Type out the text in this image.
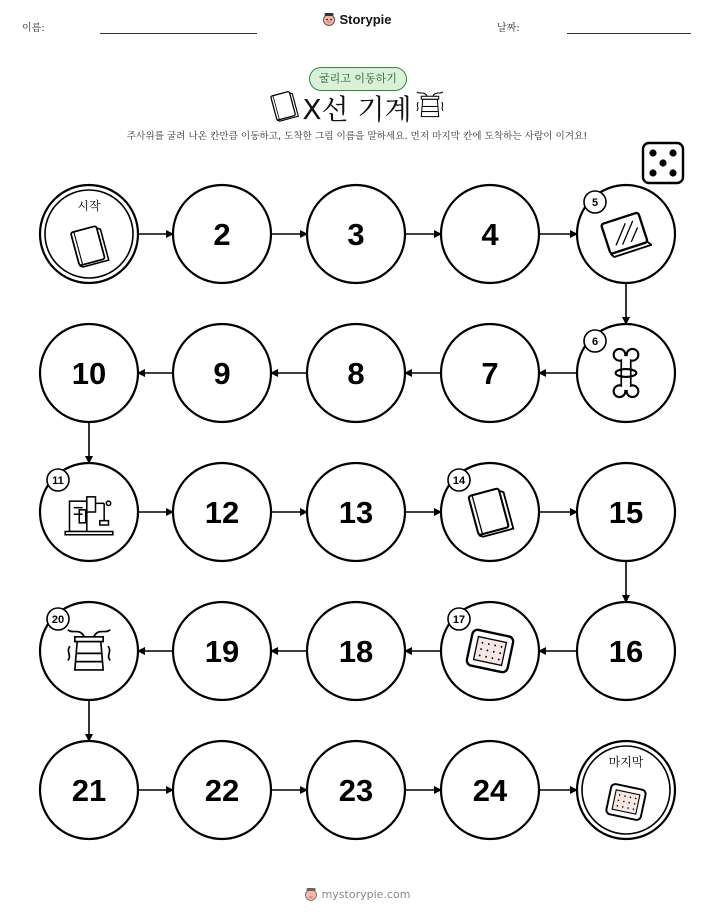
이름:
Storypie
날짜:
굴리고 이동하기
X선 기계
주사위를 굴려 나온 칸만큼 이동하고, 도착한 그림 이름을 말하세요. 먼저 마지막 칸에 도착하는 사람이 이겨요!
시작
2	3	4
5
10	9	8	7
6
11
12	13
14
15
20
19	18
17
16
21	22	23	24
마지막
mystorypie.com
